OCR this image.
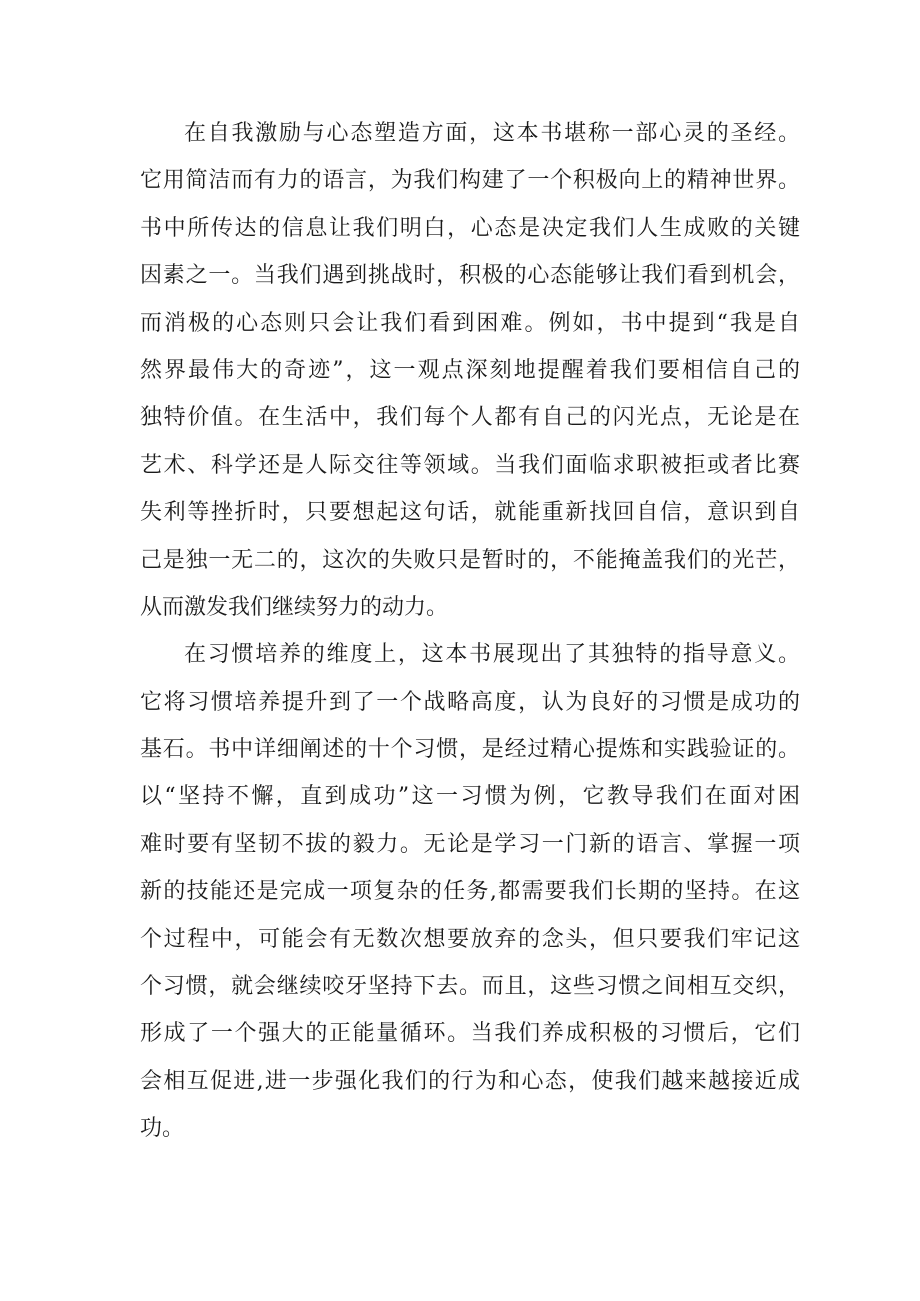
在自我激励与心态塑造方面，这本书堪称一部心灵的圣经。
它用简洁而有力的语言，为我们构建了一个积极向上的精神世界。
书中所传达的信息让我们明白，心态是决定我们人生成败的关键
因素之一。当我们遇到挑战时，积极的心态能够让我们看到机会，
而消极的心态则只会让我们看到困难。例如，书中提到“我是自
然界最伟大的奇迹”，这一观点深刻地提醒着我们要相信自己的
独特价值。在生活中，我们每个人都有自己的闪光点，无论是在
艺术、科学还是人际交往等领域。当我们面临求职被拒或者比赛
失利等挫折时，只要想起这句话，就能重新找回自信，意识到自
己是独一无二的，这次的失败只是暂时的，不能掩盖我们的光芒，
从而激发我们继续努力的动力。
在习惯培养的维度上，这本书展现出了其独特的指导意义。
它将习惯培养提升到了一个战略高度，认为良好的习惯是成功的
基石。书中详细阐述的十个习惯，是经过精心提炼和实践验证的。
以“坚持不懈，直到成功”这一习惯为例，它教导我们在面对困
难时要有坚韧不拔的毅力。无论是学习一门新的语言、掌握一项
新的技能还是完成一项复杂的任务,都需要我们长期的坚持。在这
个过程中，可能会有无数次想要放弃的念头，但只要我们牢记这
个习惯，就会继续咬牙坚持下去。而且，这些习惯之间相互交织，
形成了一个强大的正能量循环。当我们养成积极的习惯后，它们
会相互促进,进一步强化我们的行为和心态，使我们越来越接近成
功。
